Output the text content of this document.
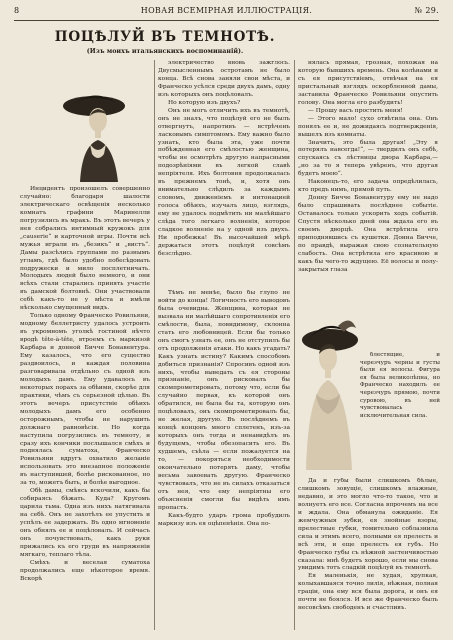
8	НОВАЯ ВСЕМІРНАЯ ИЛЛЮСТРАЦІЯ.	№ 29.
ПОЦѢЛУЙ ВЪ ТЕМНОТѢ.
(Изъ моихъ итальянскихъ воспоминаній).

Инцидентъ произошелъ совершенно случайно: благодаря шалости электрическаго освѣщенія несколько комнатъ графини Маринелли погрузились въ мракъ. Въ этотъ вечеръ у нея собрались интимный кружокъ для „causerie“ и карточной игры. Почти всѣ мужья играли въ „безикъ“ и „вистъ“. Дамы разсѣлись группами по разнымъ угламъ, гдѣ было удобно побесѣдовать подружески и мило посплетничать. Молодыхъ людей было немного, и они всѣхъ стали старались принять участіе въ дамской болтовнѣ. Они участвовали себѣ какъ-то не у мѣста и имѣли нѣсколько смущенный видъ.

Только одному Франческо Ровильяни, модному беллетристу удалось устроить въ укромномъ уголкѣ гостиной нѣчто вродѣ tête-à-tête, втроемъ съ маркизой Карбара и донной Бичче Бонавентура. Ему казалось, что его существо раздвоилось, и каждая половина разговаривала отдѣльно съ одной изъ молодыхъ дамъ. Ему удавалось въ некоторых порахъ за обѣими, скорѣе для практики, чѣмъ съ серьезной цѣлью. Въ этотъ вечеръ присутствіе обѣихъ молодыхъ дамъ его особенно осторожнымъ, чтобы не нарушить должнаго равновѣсія. Но когда наступила погрузились въ темноту, и сразу ихъ кончики послышался смѣхъ и поднялась суматоха, Франческо Ровильяни вдругъ охватило желаніе использовать это внезапное положеніе въ наступившей, болѣе рискованное, но за то, можетъ быть, и болѣе выгодное.

Обѣ дамы, смѣясь вскочили, какъ бы собираясь бѣжать. Куда? Кругомъ царила тьма. Одна изъ нихъ натягивала на себѣ. Онъ не захотѣлъ ее упустить и успѣлъ ее задержать. Въ одно мгновеніе онъ обнялъ ее и поцѣловалъ. И сейчасъ онъ почувствовалъ, какъ руки прижались къ его груди въ напряженіи мягкаго, теплаго тѣла.

Смѣхъ и веселая суматоха продолжались еще нѣкоторое время. Вскорѣ

электричество вновь зажглось. Двусмысленнымъ остротамъ не было конца. Всѣ снова заняли свои мѣста, и Франческо усѣлся среди двухъ дамъ, одну изъ которыхъ онъ поцѣловалъ.

Но которую изъ двухъ?

Онъ не могъ отличить ихъ въ темнотѣ, онъ не зналъ, что поцѣлуй его не былъ отвергнутъ, напротивъ — встрѣченъ ласковымъ симптомомъ. Ему важно было узнать, кто была эта, уже почти побѣжденная его смѣлостью женщина, чтобы не осмотрѣть другую напрасными подозрѣніями въ легкой славѣ непріятеля. Ихъ болтовня продолжалась въ прежнемъ тонѣ, и, хотя онъ внимательно слѣдилъ за каждымъ словомъ, движеніемъ и интонацией голоса обѣихъ, изучалъ лицо, взглядъ, ему не удалось подмѣтить ни малѣйшаго слѣда того легкаго волненія, которое сладкое волненіе на у одной изъ двухъ. Ни пробежка! Въ высочайшей мѣрѣ держаться этотъ поцѣлуй совсѣмъ безслѣдно.

Тѣмъ не менѣе, было бы глупо не войти до конца! Логичность его выводовъ была очевидна. Женщина, которая не вызвала ни малѣйшаго сопротивленія его смѣлости, была, повидимому, склонна стать его любовницей. Если бы только онъ смогъ узнать ее, онъ не отступилъ бы отъ продолженія атаки. Но какъ угадать? Какъ узнать истину? Какимъ способомъ добиться признанія? Спросивъ одной изъ нихъ, чтобы выведать съ ея стороны признаніе, онъ рисковалъ бы скомпрометировать, потому что, если бы случайно первая, къ которой онъ обратился, не была бы та, которую онъ поцѣловалъ, онъ скомпрометировалъ бы, не желая, другую. Въ послѣднемъ въ концѣ концовъ много сплетенъ, изъ-за которыхъ онъ тогда и ненавидѣлъ въ будущемъ, чтобы обезопасить его. Въ худшемъ, съѣла — если пожалуется на то, — покоряться необходимости окончательно потерять даму, чтобы весьма завоевать другую. Франческо чувствовалъ, что не въ силахъ отказаться отъ нея, что ему непріятны его объясненія смогли бы видѣть имъ пропасть.

Какъ-будто ударъ грома пробудилъ маркизу изъ ея оцѣпенѣнія. Она по-

нялась прямая, грозная, похожая на которую бывшихъ времень. Она колѣнами и съ ея присутствіемъ, отвѣчая на ея пристальный взглядъ оскорбленной дамы, заставила Франческо Ровильяни опустить голову. Она могла его разбудить!

— Прошу васъ простить меня!

— Этого мало! сухо отвѣтила она. Онъ понялъ ее и, не дожидаясь подтвержденія, вышелъ изъ комнаты.

Значитъ, это была другая! „Эту я потерялъ навсегда!“, — твердилъ онъ себѣ, спускаясь съ лѣстницы двора Карбара,— „но за то я теперь увѣренъ, что другая будетъ моею“.

Наконецъ-то, его задача опредѣлилась, кто предъ нимъ, прямой путь.

Донну Бичче Бонавентуру ему не надо было спрашивать послѣднее событіе. Оставалось только ускорить ходъ событій. Спустя нѣсколько дней она ждала его въ своемъ дворцѣ. Она встрѣтила его приподнявшись съ кушетки. Донна Бичче, по правдѣ, выражая свою сознательную слабость. Она встрѣтила его красивою и какъ бы чего-то ждущею. Её волосы и полу-закрытыя глаза

блестящие, и черезчуръ черны и густы были ея волосы. Фигура ея была великолѣпна, но Франческо находилъ ее черезчуръ прямою, почти суровою, въ ней чувствовалась исключительная сила.

Да и губы были слишкомъ бѣлые, слишкомъ зовущіе, слишкомъ влажные, недавно, и это могло что-то такое, что и волнуетъ его все. Согласна впрочемъ на все и ждала. Она обманула ожиданіе. Ея жемчужныя зубки, ея знойные взоры, прелестные губки, томительно соблазнила сила и этимъ всего, полными ея прелесть и всѣ эти, и еще прелесть ея губъ. Но Франческо губы съ нѣжной застенчивостью сказала: мнѣ будетъ хорошо, если мы снова увидимъ тотъ сладкій поцѣлуй въ темнотѣ.

Ея маленькія, не худая, хрупкая, колыхавшаяся точно лилія, нѣжная, полная граціи, она ему вся была дорога, и онъ ея почти не боялся. И все же Франческо былъ несовсѣмъ свободенъ и счастливъ.
